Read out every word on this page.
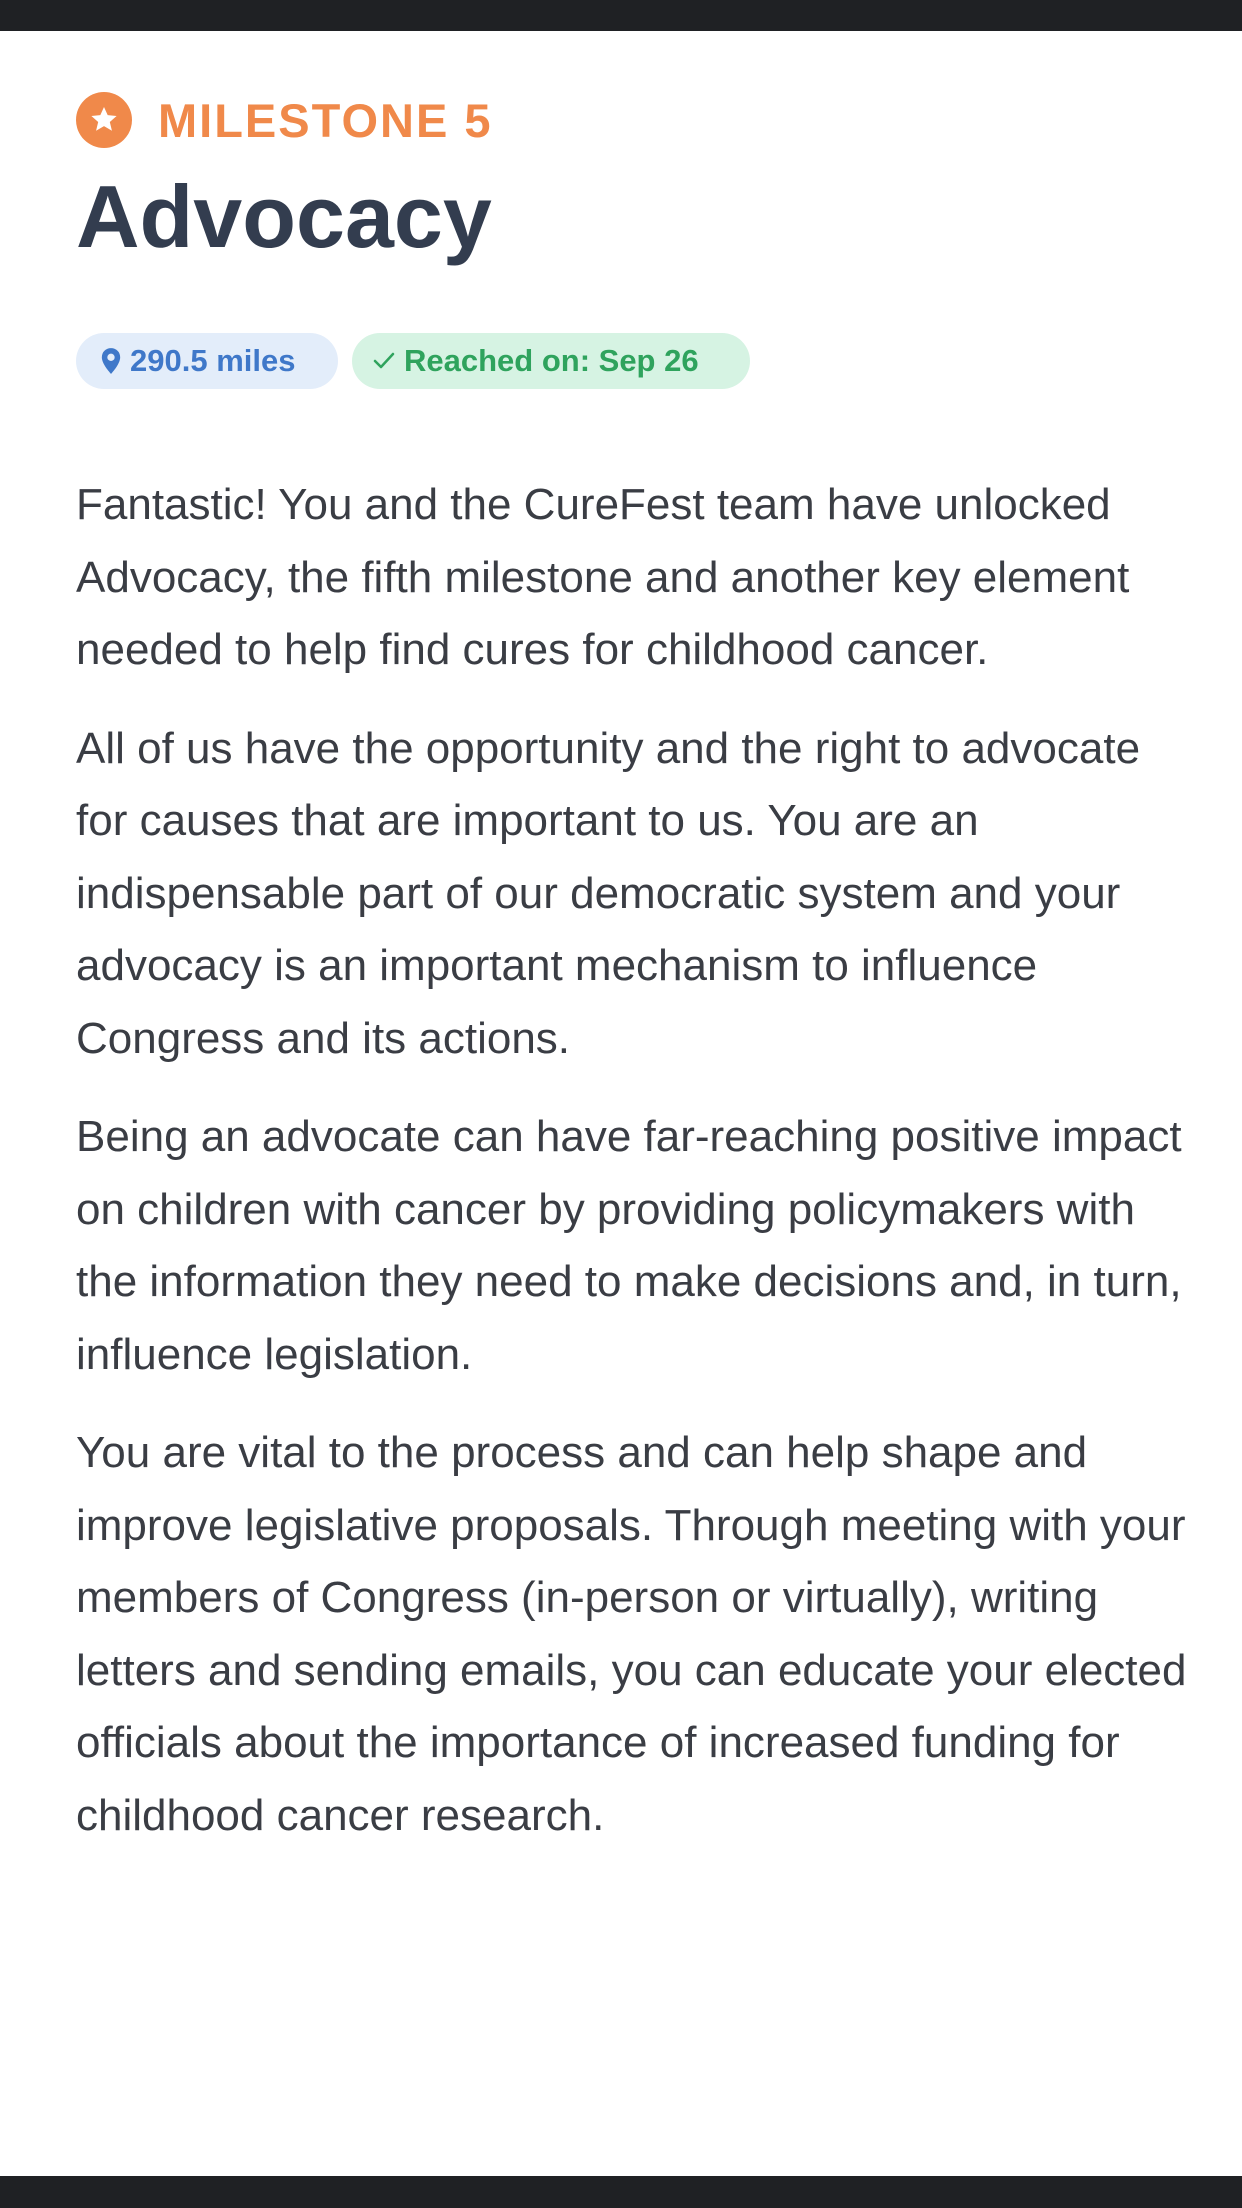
MILESTONE 5
Advocacy
290.5 miles	Reached on: Sep 26

Fantastic! You and the CureFest team have unlocked Advocacy, the fifth milestone and another key element needed to help find cures for childhood cancer.

All of us have the opportunity and the right to advocate for causes that are important to us. You are an indispensable part of our democratic system and your advocacy is an important mechanism to influence Congress and its actions.

Being an advocate can have far-reaching positive impact on children with cancer by providing policymakers with the information they need to make decisions and, in turn, influence legislation.

You are vital to the process and can help shape and improve legislative proposals. Through meeting with your members of Congress (in-person or virtually), writing letters and sending emails, you can educate your elected officials about the importance of increased funding for childhood cancer research.
